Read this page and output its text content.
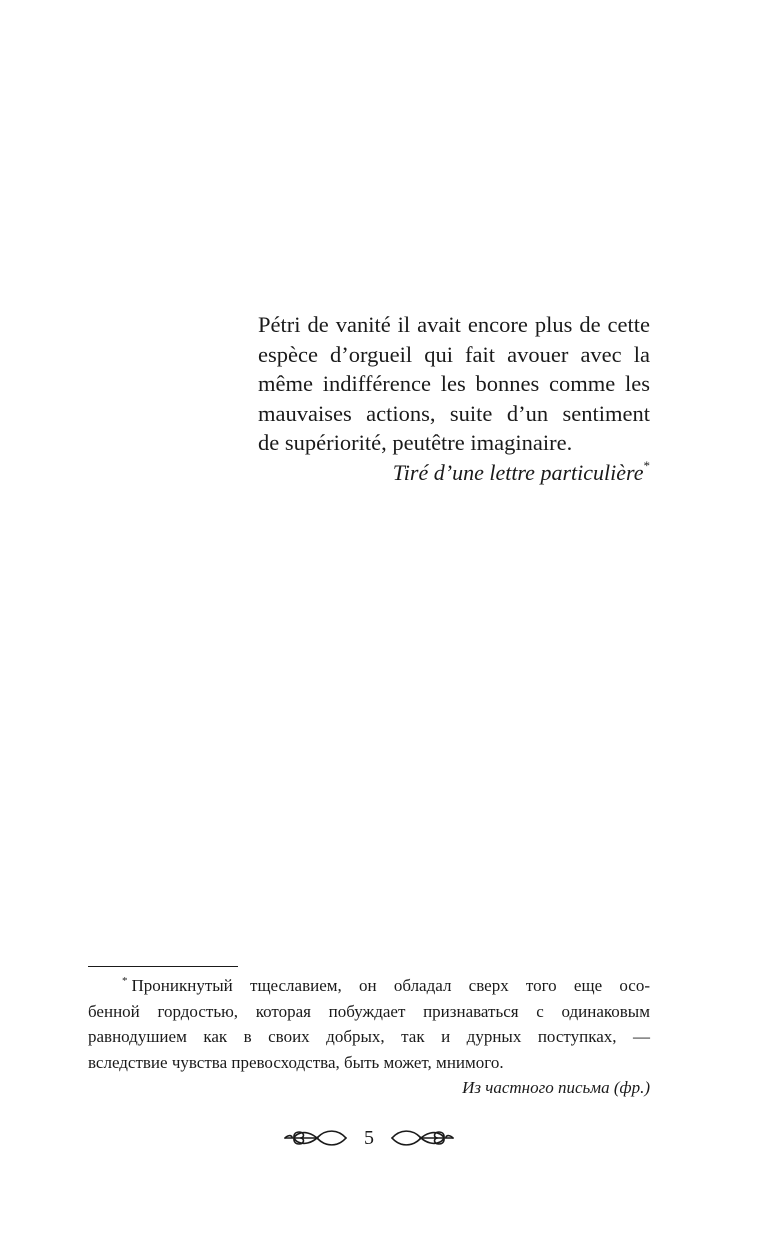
Pétri de vanité il avait encore plus de cette
espèce d’orgueil qui fait avouer avec la
même indifférence les bonnes comme les
mauvaises actions, suite d’un sentiment
de supériorité, peutêtre imaginaire.
Tiré d’une lettre particulière*
* Проникнутый тщеславием, он обладал сверх того еще осо-
бенной гордостью, которая побуждает признаваться с одинаковым
равнодушием как в своих добрых, так и дурных поступках, —
вследствие чувства превосходства, быть может, мнимого.
Из частного письма (фр.)
5
